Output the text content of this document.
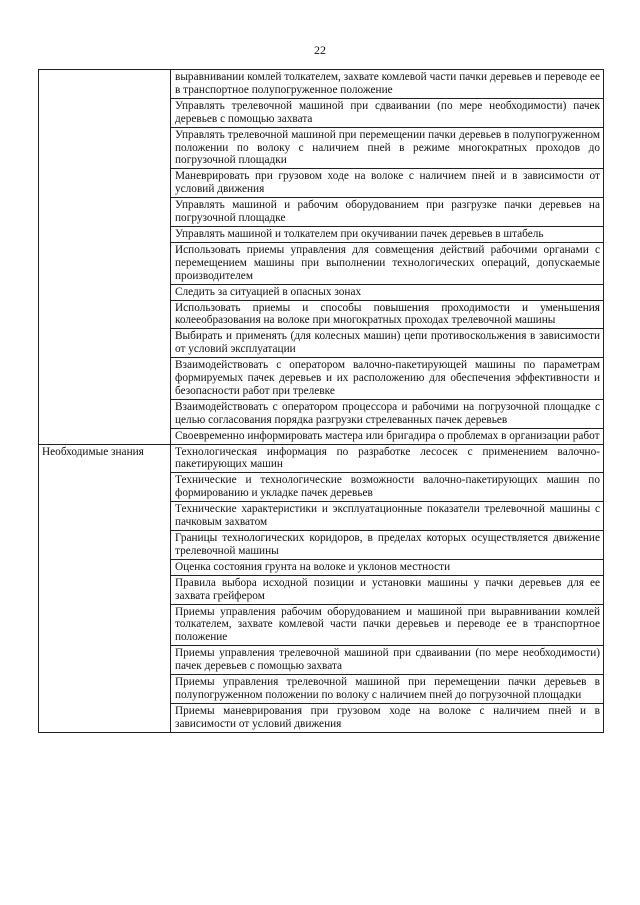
22
	выравнивании комлей толкателем, захвате комлевой части пачки деревьев и переводе ее в транспортное полупогруженное положение
	Управлять трелевочной машиной при сдваивании (по мере необходимости) пачек деревьев с помощью захвата
	Управлять трелевочной машиной при перемещении пачки деревьев в полупогруженном положении по волоку с наличием пней в режиме многократных проходов до погрузочной площадки
	Маневрировать при грузовом ходе на волоке с наличием пней и в зависимости от условий движения
	Управлять машиной и рабочим оборудованием при разгрузке пачки деревьев на погрузочной площадке
	Управлять машиной и толкателем при окучивании пачек деревьев в штабель
	Использовать приемы управления для совмещения действий рабочими органами с перемещением машины при выполнении технологических операций, допускаемые производителем
	Следить за ситуацией в опасных зонах
	Использовать приемы и способы повышения проходимости и уменьшения колееобразования на волоке при многократных проходах трелевочной машины
	Выбирать и применять (для колесных машин) цепи противоскольжения в зависимости от условий эксплуатации
	Взаимодействовать с оператором валочно-пакетирующей машины по параметрам формируемых пачек деревьев и их расположению для обеспечения эффективности и безопасности работ при трелевке
	Взаимодействовать с оператором процессора и рабочими на погрузочной площадке с целью согласования порядка разгрузки стрелеванных пачек деревьев
	Своевременно информировать мастера или бригадира о проблемах в организации работ
Необходимые знания	Технологическая информация по разработке лесосек с применением валочно-пакетирующих машин
	Технические и технологические возможности валочно-пакетирующих машин по формированию и укладке пачек деревьев
	Технические характеристики и эксплуатационные показатели трелевочной машины с пачковым захватом
	Границы технологических коридоров, в пределах которых осуществляется движение трелевочной машины
	Оценка состояния грунта на волоке и уклонов местности
	Правила выбора исходной позиции и установки машины у пачки деревьев для ее захвата грейфером
	Приемы управления рабочим оборудованием и машиной при выравнивании комлей толкателем, захвате комлевой части пачки деревьев и переводе ее в транспортное положение
	Приемы управления трелевочной машиной при сдваивании (по мере необходимости) пачек деревьев с помощью захвата
	Приемы управления трелевочной машиной при перемещении пачки деревьев в полупогруженном положении по волоку с наличием пней до погрузочной площадки
	Приемы маневрирования при грузовом ходе на волоке с наличием пней и в зависимости от условий движения
